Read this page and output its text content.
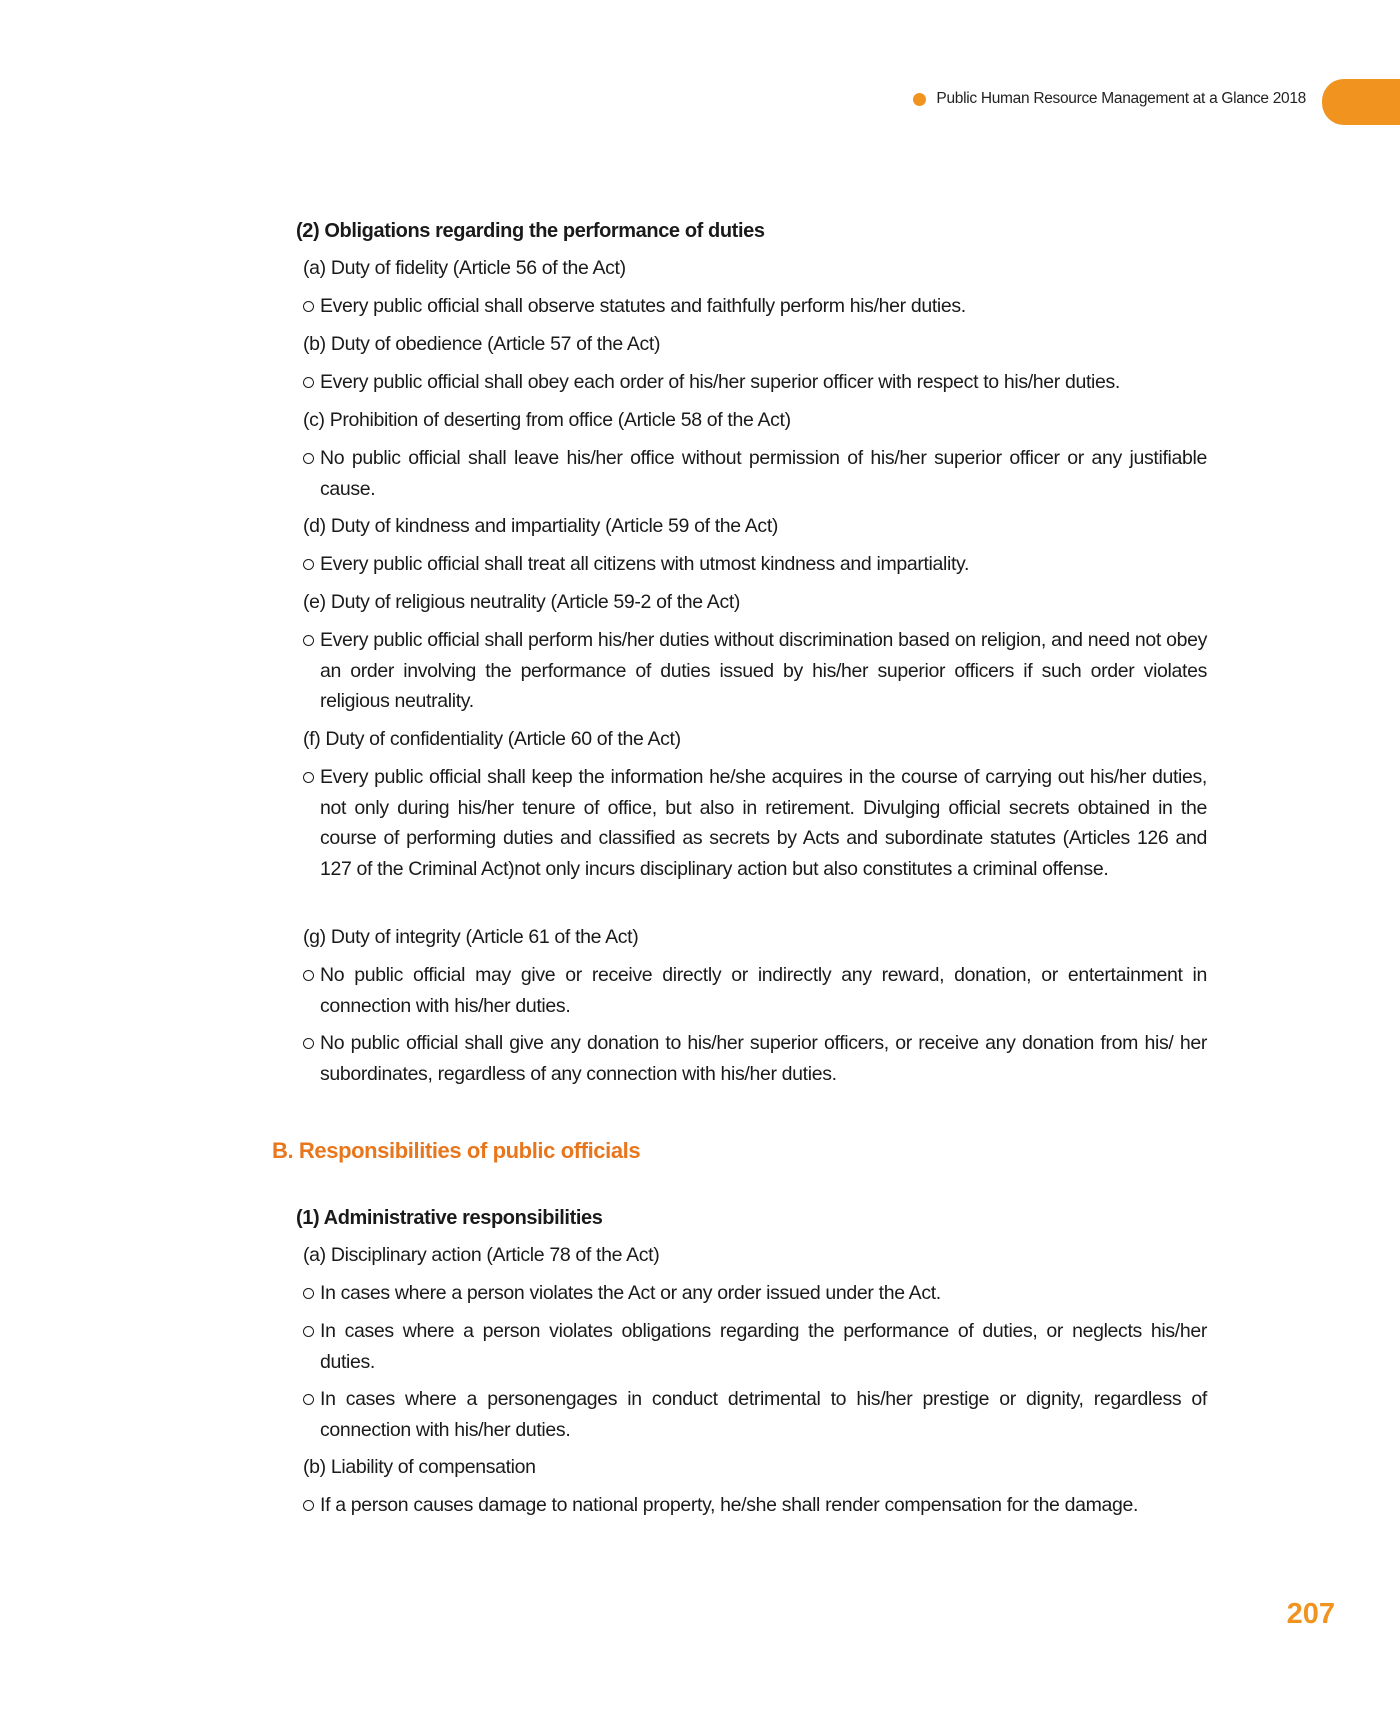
Public Human Resource Management at a Glance 2018
(2) Obligations regarding the performance of duties
(a) Duty of fidelity (Article 56 of the Act)
Every public official shall observe statutes and faithfully perform his/her duties.
(b) Duty of obedience (Article 57 of the Act)
Every public official shall obey each order of his/her superior officer with respect to his/her duties.
(c) Prohibition of deserting from office (Article 58 of the Act)
No public official shall leave his/her office without permission of his/her superior officer or any justifiable cause.
(d) Duty of kindness and impartiality (Article 59 of the Act)
Every public official shall treat all citizens with utmost kindness and impartiality.
(e) Duty of religious neutrality (Article 59-2 of the Act)
Every public official shall perform his/her duties without discrimination based on religion, and need not obey an order involving the performance of duties issued by his/her superior officers if such order violates religious neutrality.
(f) Duty of confidentiality (Article 60 of the Act)
Every public official shall keep the information he/she acquires in the course of carrying out his/her duties, not only during his/her tenure of office, but also in retirement. Divulging official secrets obtained in the course of performing duties and classified as secrets by Acts and subordinate statutes (Articles 126 and 127 of the Criminal Act)not only incurs disciplinary action but also constitutes a criminal offense.
(g) Duty of integrity (Article 61 of the Act)
No public official may give or receive directly or indirectly any reward, donation, or entertainment in connection with his/her duties.
No public official shall give any donation to his/her superior officers, or receive any donation from his/ her subordinates, regardless of any connection with his/her duties.
(1) Administrative responsibilities
(a) Disciplinary action (Article 78 of the Act)
In cases where a person violates the Act or any order issued under the Act.
In cases where a person violates obligations regarding the performance of duties, or neglects his/her duties.
In cases where a personengages in conduct detrimental to his/her prestige or dignity, regardless of connection with his/her duties.
(b) Liability of compensation
If a person causes damage to national property, he/she shall render compensation for the damage.
B. Responsibilities of public officials
207
